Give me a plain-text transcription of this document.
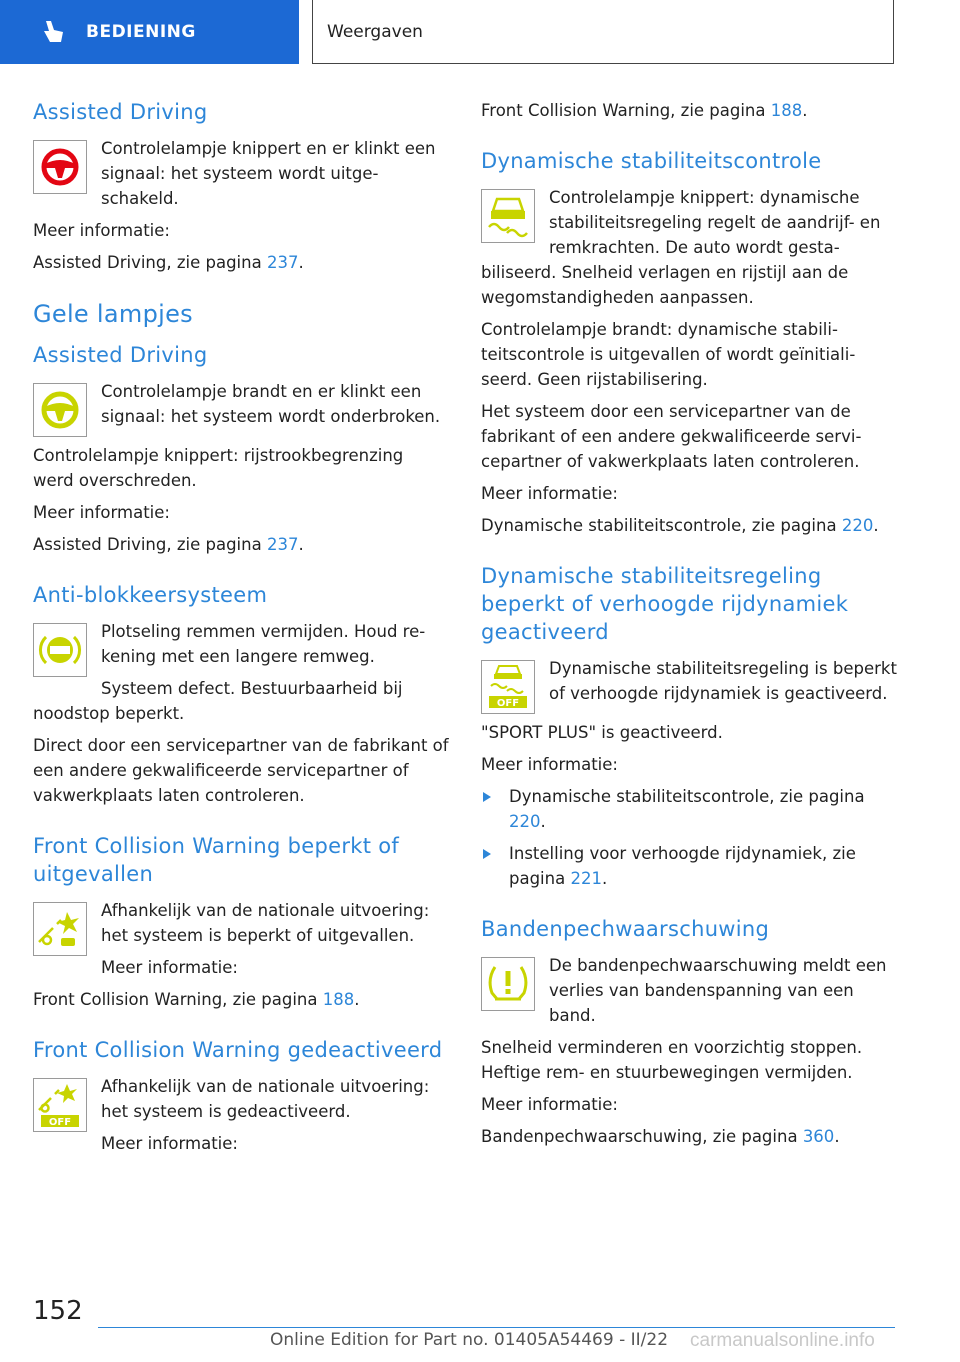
BEDIENING	Weergaven
Assisted Driving

Controlelampje knippert en er klinkt een signaal: het systeem wordt uitgeschakeld.

Meer informatie:

Assisted Driving, zie pagina 237.

Gele lampjes
Assisted Driving

Controlelampje brandt en er klinkt een signaal: het systeem wordt onderbroken.

Controlelampje knippert: rijstrookbegrenzing werd overschreden.

Meer informatie:

Assisted Driving, zie pagina 237.

Anti-blokkeersysteem

Plotseling remmen vermijden. Houd rekening met een langere remweg.

Systeem defect. Bestuurbaarheid bij noodstop beperkt.

Direct door een servicepartner van de fabrikant of een andere gekwalificeerde servicepartner of vakwerkplaats laten controleren.

Front Collision Warning beperkt of uitgevallen

Afhankelijk van de nationale uitvoering: het systeem is beperkt of uitgevallen.

Meer informatie:

Front Collision Warning, zie pagina 188.

Front Collision Warning gedeactiveerd
OFF

Afhankelijk van de nationale uitvoering: het systeem is gedeactiveerd.

Meer informatie:

Front Collision Warning, zie pagina 188.

Dynamische stabiliteitscontrole

Controlelampje knippert: dynamische stabiliteitsregeling regelt de aandrijf- en remkrachten. De auto wordt gestabiliseerd. Snelheid verlagen en rijstijl aan de wegomstandigheden aanpassen.

Controlelampje brandt: dynamische stabiliteitscontrole is uitgevallen of wordt geïnitialiseerd. Geen rijstabilisering.

Het systeem door een servicepartner van de fabrikant of een andere gekwalificeerde servicepartner of vakwerkplaats laten controleren.

Meer informatie:

Dynamische stabiliteitscontrole, zie pagina 220.

Dynamische stabiliteitsregeling beperkt of verhoogde rijdynamiek geactiveerd
OFF

Dynamische stabiliteitsregeling is beperkt of verhoogde rijdynamiek is geactiveerd.

"SPORT PLUS" is geactiveerd.

Meer informatie:

Dynamische stabiliteitscontrole, zie pagina 220.
Instelling voor verhoogde rijdynamiek, zie pagina 221.
Bandenpechwaarschuwing

De bandenpechwaarschuwing meldt een verlies van bandenspanning van een band.

Snelheid verminderen en voorzichtig stoppen. Heftige rem- en stuurbewegingen vermijden.

Meer informatie:

Bandenpechwaarschuwing, zie pagina 360.

152
Online Edition for Part no. 01405A54469 - II/22 carmanualsonline.info
